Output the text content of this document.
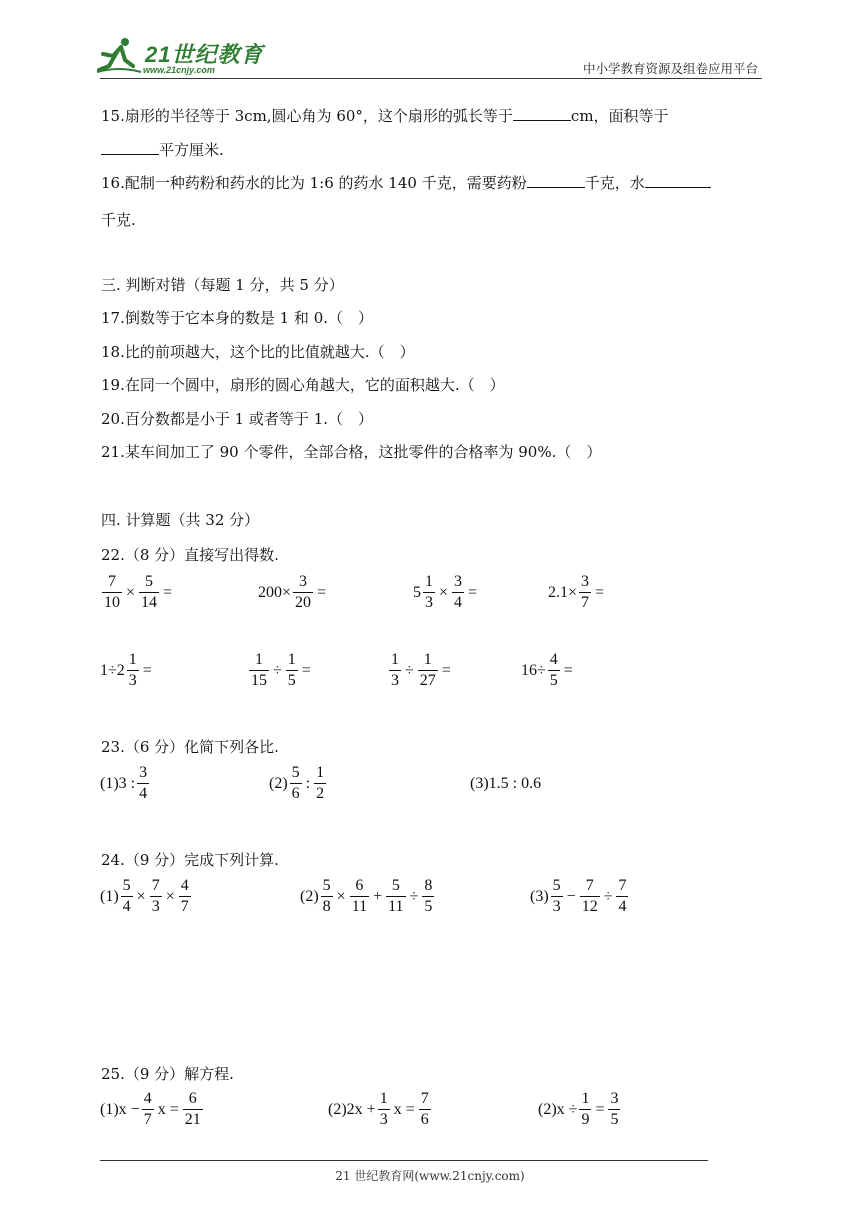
21世纪教育
www.21cnjy.com	中小学教育资源及组卷应用平台
15.扇形的半径等于 3cm,圆心角为 60°，这个扇形的弧长等于	cm，面积等于
平方厘米.
16.配制一种药粉和药水的比为 1:6 的药水 140 千克，需要药粉	千克，水
千克.
三. 判断对错（每题 1 分，共 5 分）
17.倒数等于它本身的数是 1 和 0.（　）
18.比的前项越大，这个比的比值就越大.（　）
19.在同一个圆中，扇形的圆心角越大，它的面积越大.（　）
20.百分数都是小于 1 或者等于 1.（　）
21.某车间加工了 90 个零件，全部合格，这批零件的合格率为 90%.（　）
四. 计算题（共 32 分）
22.（8 分）直接写出得数.
$\frac{7}{10} \times \frac{5}{14}$ =	$200\times \frac{3}{20}$ =	$5 \frac{1}{3} \times \frac{3}{4}$ =	$2.1\times \frac{3}{7}$ =
$1\div 2 \frac{1}{3}$ =	$\frac{1}{15} \div \frac{1}{5}$ =	$\frac{1}{3} \div \frac{1}{27}$ =	$16\div \frac{4}{5}$ =
23.（6 分）化简下列各比.
(1)3 : $\frac{3}{4}$	$(2) \frac{5}{6}$ : $\frac{1}{2}$	(3)1.5 : 0.6
24.（9 分）完成下列计算.
$(1) \frac{5}{4} \times \frac{7}{3} \times \frac{4}{7}$	$(2) \frac{5}{8} \times \frac{6}{11} + \frac{5}{11} \div \frac{8}{5}$	$(3) \frac{5}{3} - \frac{7}{12} \div \frac{7}{4}$
25.（9 分）解方程.
$(1)x - \frac{4}{7}$ $x = \frac{6}{21}$	$(2)2x + \frac{1}{3}$ $x = \frac{7}{6}$	$(2)x \div \frac{1}{9} = \frac{3}{5}$
21 世纪教育网(www.21cnjy.com)
